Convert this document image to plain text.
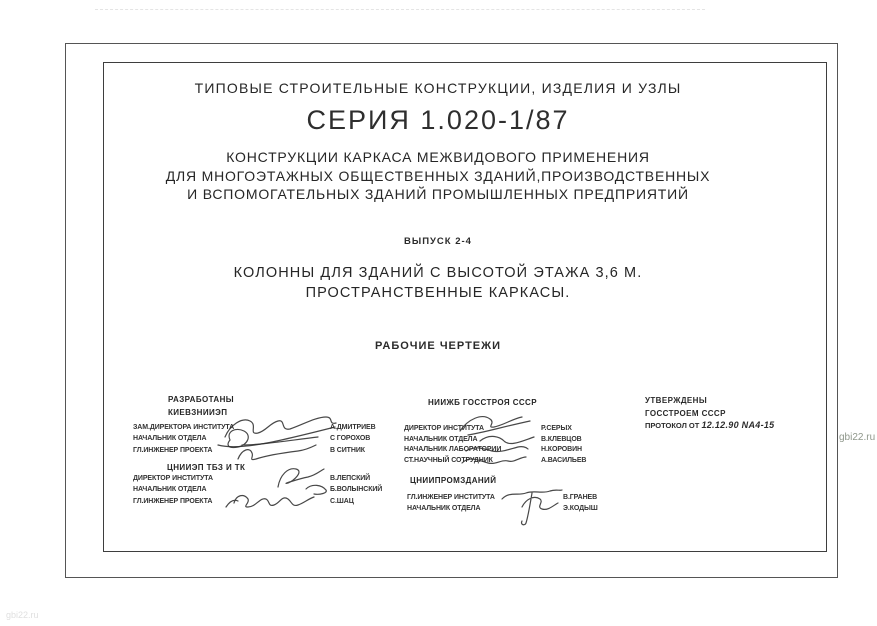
ТИПОВЫЕ СТРОИТЕЛЬНЫЕ КОНСТРУКЦИИ, ИЗДЕЛИЯ И УЗЛЫ
СЕРИЯ 1.020-1/87
КОНСТРУКЦИИ КАРКАСА МЕЖВИДОВОГО ПРИМЕНЕНИЯ
ДЛЯ МНОГОЭТАЖНЫХ ОБЩЕСТВЕННЫХ ЗДАНИЙ,ПРОИЗВОДСТВЕННЫХ
И ВСПОМОГАТЕЛЬНЫХ ЗДАНИЙ ПРОМЫШЛЕННЫХ ПРЕДПРИЯТИЙ
ВЫПУСК 2-4
КОЛОННЫ ДЛЯ ЗДАНИЙ С ВЫСОТОЙ ЭТАЖА 3,6 М.
ПРОСТРАНСТВЕННЫЕ КАРКАСЫ.
РАБОЧИЕ ЧЕРТЕЖИ
РАЗРАБОТАНЫ
КИЕВЗНИИЭП
ЗАМ.ДИРЕКТОРА ИНСТИТУТА	А.ДМИТРИЕВ
НАЧАЛЬНИК ОТДЕЛА	С ГОРОХОВ
ГЛ.ИНЖЕНЕР ПРОЕКТА	В СИТНИК
ЦНИИЭП ТБЗ И ТК
ДИРЕКТОР ИНСТИТУТА	В.ЛЕПСКИЙ
НАЧАЛЬНИК ОТДЕЛА	Б.ВОЛЫНСКИЙ
ГЛ.ИНЖЕНЕР ПРОЕКТА	С.ШАЦ
НИИЖБ ГОССТРОЯ СССР
ДИРЕКТОР ИНСТИТУТА	Р.СЕРЫХ
НАЧАЛЬНИК ОТДЕЛА	В.КЛЕВЦОВ
НАЧАЛЬНИК ЛАБОРАТОРИИ	Н.КОРОВИН
СТ.НАУЧНЫЙ СОТРУДНИК	А.ВАСИЛЬЕВ
ЦНИИПРОМЗДАНИЙ
ГЛ.ИНЖЕНЕР ИНСТИТУТА	В.ГРАНЕВ
НАЧАЛЬНИК ОТДЕЛА	Э.КОДЫШ
УТВЕРЖДЕНЫ
ГОССТРОЕМ СССР
ПРОТОКОЛ ОТ 12.12.90 NА4-15
gbi22.ru
gbi22.ru
